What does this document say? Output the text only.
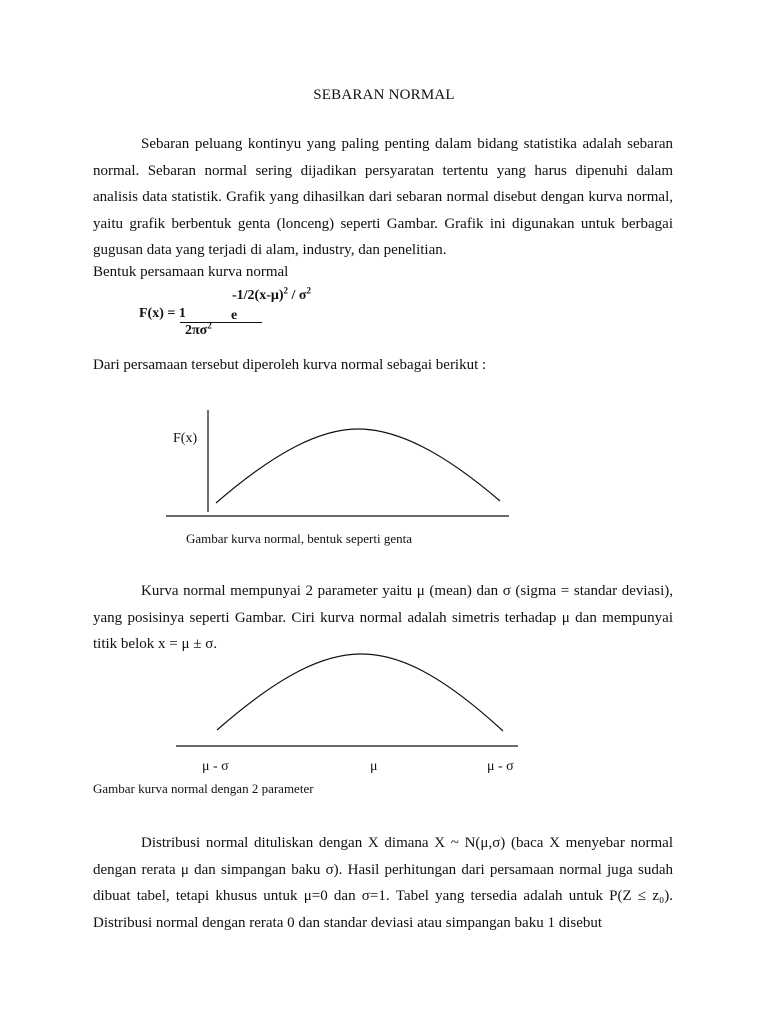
SEBARAN NORMAL
Sebaran peluang kontinyu yang paling penting dalam bidang statistika adalah sebaran normal. Sebaran normal sering dijadikan persyaratan tertentu yang harus dipenuhi dalam analisis data statistik. Grafik yang dihasilkan dari sebaran normal disebut dengan kurva normal, yaitu grafik berbentuk genta (lonceng) seperti Gambar. Grafik ini digunakan untuk berbagai gugusan data yang terjadi di alam, industry, dan penelitian.
Bentuk persamaan kurva normal
$-1/2(x-\mu)^2 / \sigma^2$
F(x) = 1	e
$2\pi\sigma^2$
Dari persamaan tersebut diperoleh kurva normal sebagai berikut :
F(x)
Gambar kurva normal, bentuk seperti genta
Kurva normal mempunyai 2 parameter yaitu μ (mean) dan σ (sigma = standar deviasi), yang posisinya seperti Gambar. Ciri kurva normal adalah simetris terhadap μ dan mempunyai titik belok x = μ ± σ.
μ - σ	μ	μ - σ
Gambar kurva normal dengan 2 parameter
Distribusi normal dituliskan dengan X dimana X ~ N(μ,σ) (baca X menyebar normal dengan rerata μ dan simpangan baku σ). Hasil perhitungan dari persamaan normal juga sudah dibuat tabel, tetapi khusus untuk μ=0 dan σ=1. Tabel yang tersedia adalah untuk P(Z ≤ z₀). Distribusi normal dengan rerata 0 dan standar deviasi atau simpangan baku 1 disebut
